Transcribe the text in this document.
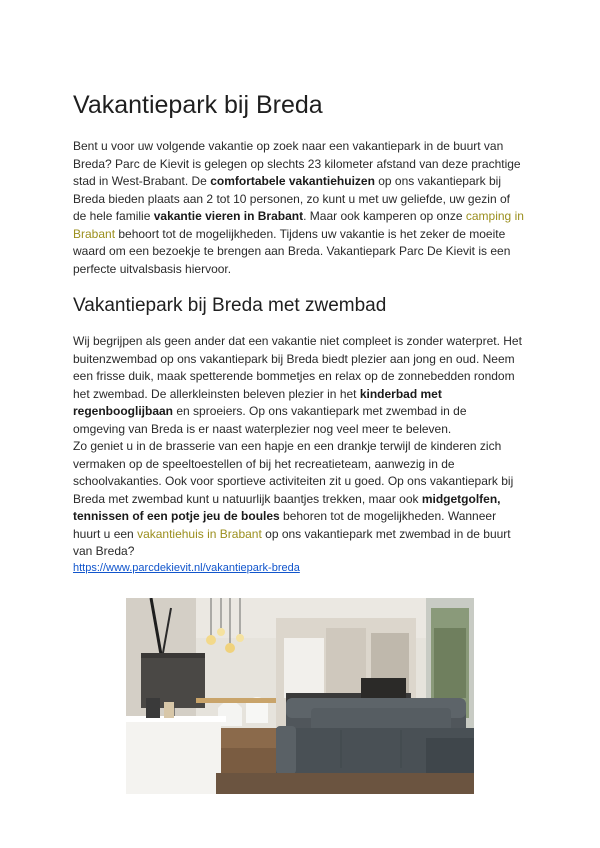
Vakantiepark bij Breda
Bent u voor uw volgende vakantie op zoek naar een vakantiepark in de buurt van
Breda? Parc de Kievit is gelegen op slechts 23 kilometer afstand van deze prachtige
stad in West-Brabant. De comfortabele vakantiehuizen op ons vakantiepark bij
Breda bieden plaats aan 2 tot 10 personen, zo kunt u met uw geliefde, uw gezin of
de hele familie vakantie vieren in Brabant. Maar ook kamperen op onze camping in
Brabant behoort tot de mogelijkheden. Tijdens uw vakantie is het zeker de moeite
waard om een bezoekje te brengen aan Breda. Vakantiepark Parc De Kievit is een
perfecte uitvalsbasis hiervoor.
Vakantiepark bij Breda met zwembad
Wij begrijpen als geen ander dat een vakantie niet compleet is zonder waterpret. Het
buitenzwembad op ons vakantiepark bij Breda biedt plezier aan jong en oud. Neem
een frisse duik, maak spetterende bommetjes en relax op de zonnebedden rondom
het zwembad. De allerkleinsten beleven plezier in het kinderbad met
regenbooglijbaan en sproeiers. Op ons vakantiepark met zwembad in de
omgeving van Breda is er naast waterplezier nog veel meer te beleven.
Zo geniet u in de brasserie van een hapje en een drankje terwijl de kinderen zich
vermaken op de speeltoestellen of bij het recreatieteam, aanwezig in de
schoolvakanties. Ook voor sportieve activiteiten zit u goed. Op ons vakantiepark bij
Breda met zwembad kunt u natuurlijk baantjes trekken, maar ook midgetgolfen,
tennissen of een potje jeu de boules behoren tot de mogelijkheden. Wanneer
huurt u een vakantiehuis in Brabant op ons vakantiepark met zwembad in de buurt
van Breda?
https://www.parcdekievit.nl/vakantiepark-breda
